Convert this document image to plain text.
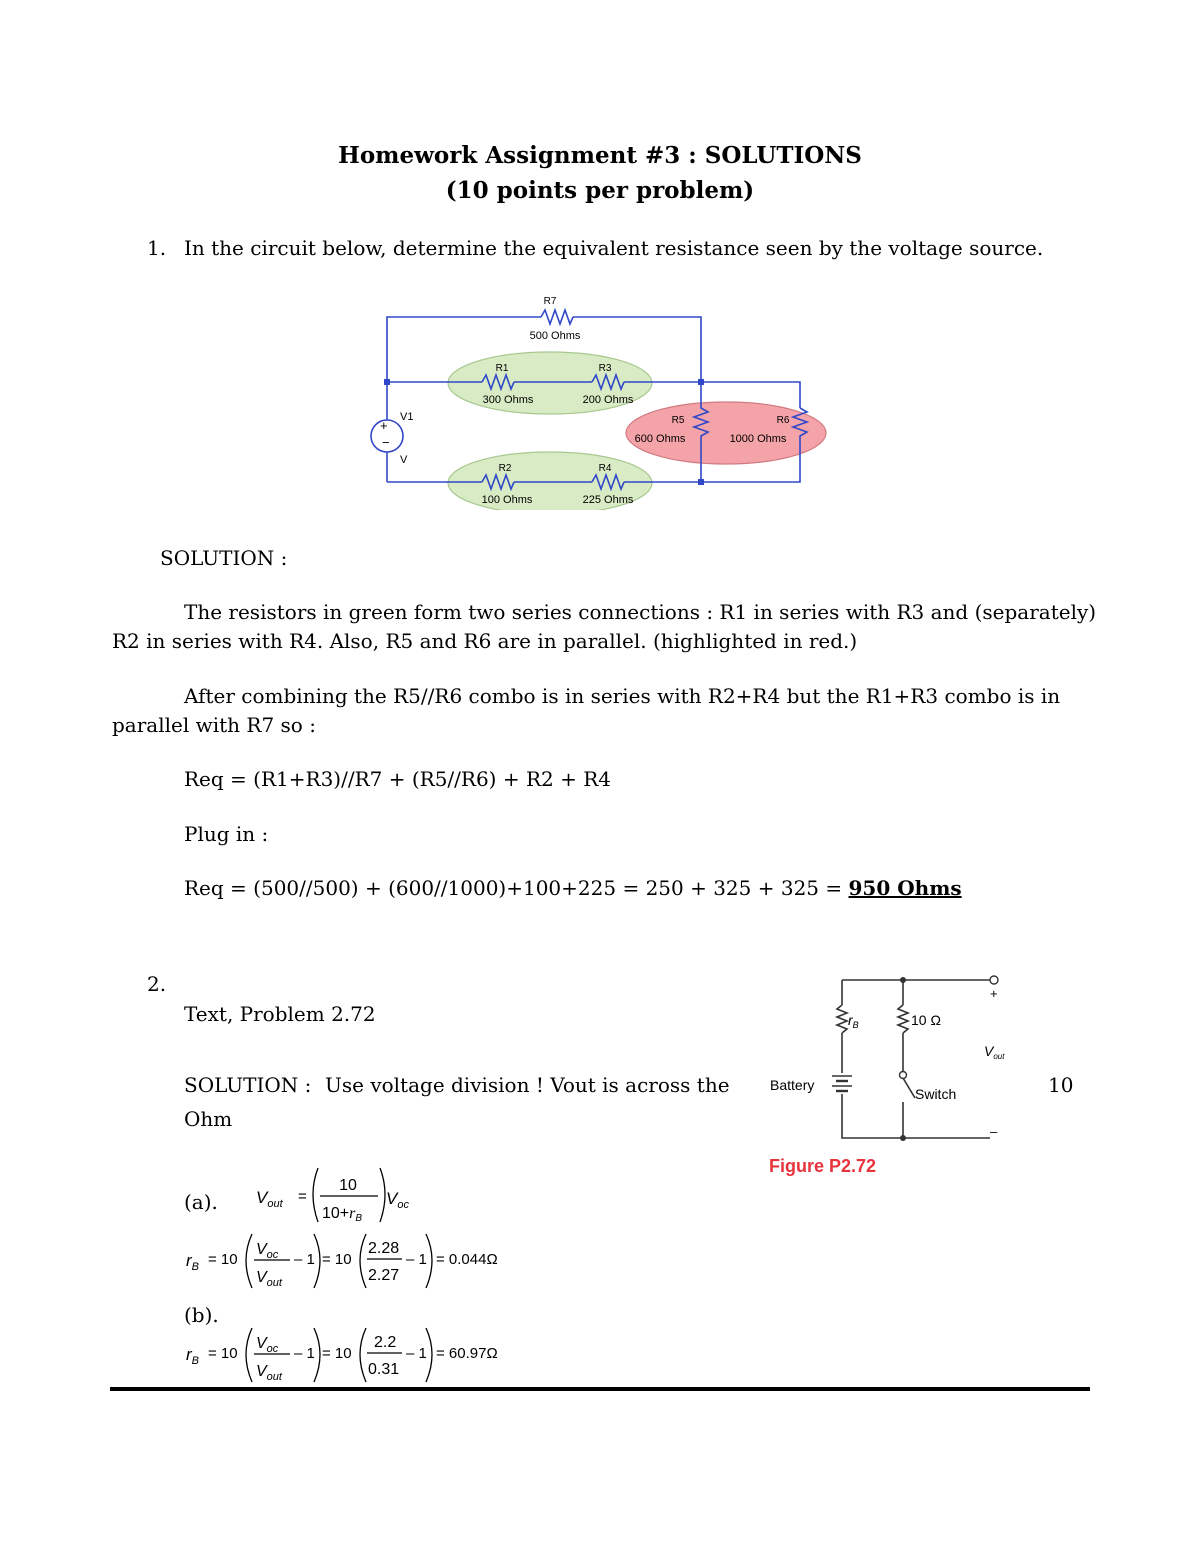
Homework Assignment #3 : SOLUTIONS
(10 points per problem)
1. In the circuit below, determine the equivalent resistance seen by the voltage source.
+
−
V1
V
R7
500 Ohms
R1
300 Ohms
R3
200 Ohms
R5
600 Ohms
R6
1000 Ohms
R2
100 Ohms
R4
225 Ohms
SOLUTION :
The resistors in green form two series connections : R1 in series with R3 and (separately)
R2 in series with R4. Also, R5 and R6 are in parallel. (highlighted in red.)
After combining the R5//R6 combo is in series with R2+R4 but the R1+R3 combo is in
parallel with R7 so :
Req = (R1+R3)//R7 + (R5//R6) + R2 + R4
Plug in :
Req = (500//500) + (600//1000)+100+225 = 250 + 325 + 325 = 950 Ohms
2.
Text, Problem 2.72
SOLUTION : Use voltage division ! Vout is across the
Ohm
10
$r_B$	10 Ω
$V_{out}$
+
–
Battery
Switch
Figure P2.72
(a). $V_{out}$ =
10
10+rB
$V_{oc}$
$r_B = 10$
$V_{oc}$
$V_{out}$
– 1 = 10
2.28
2.27
– 1 = 0.044Ω
(b).
$r_B = 10$
$V_{oc}$
$V_{out}$
– 1 = 10
2.2
0.31
– 1 = 60.97Ω
